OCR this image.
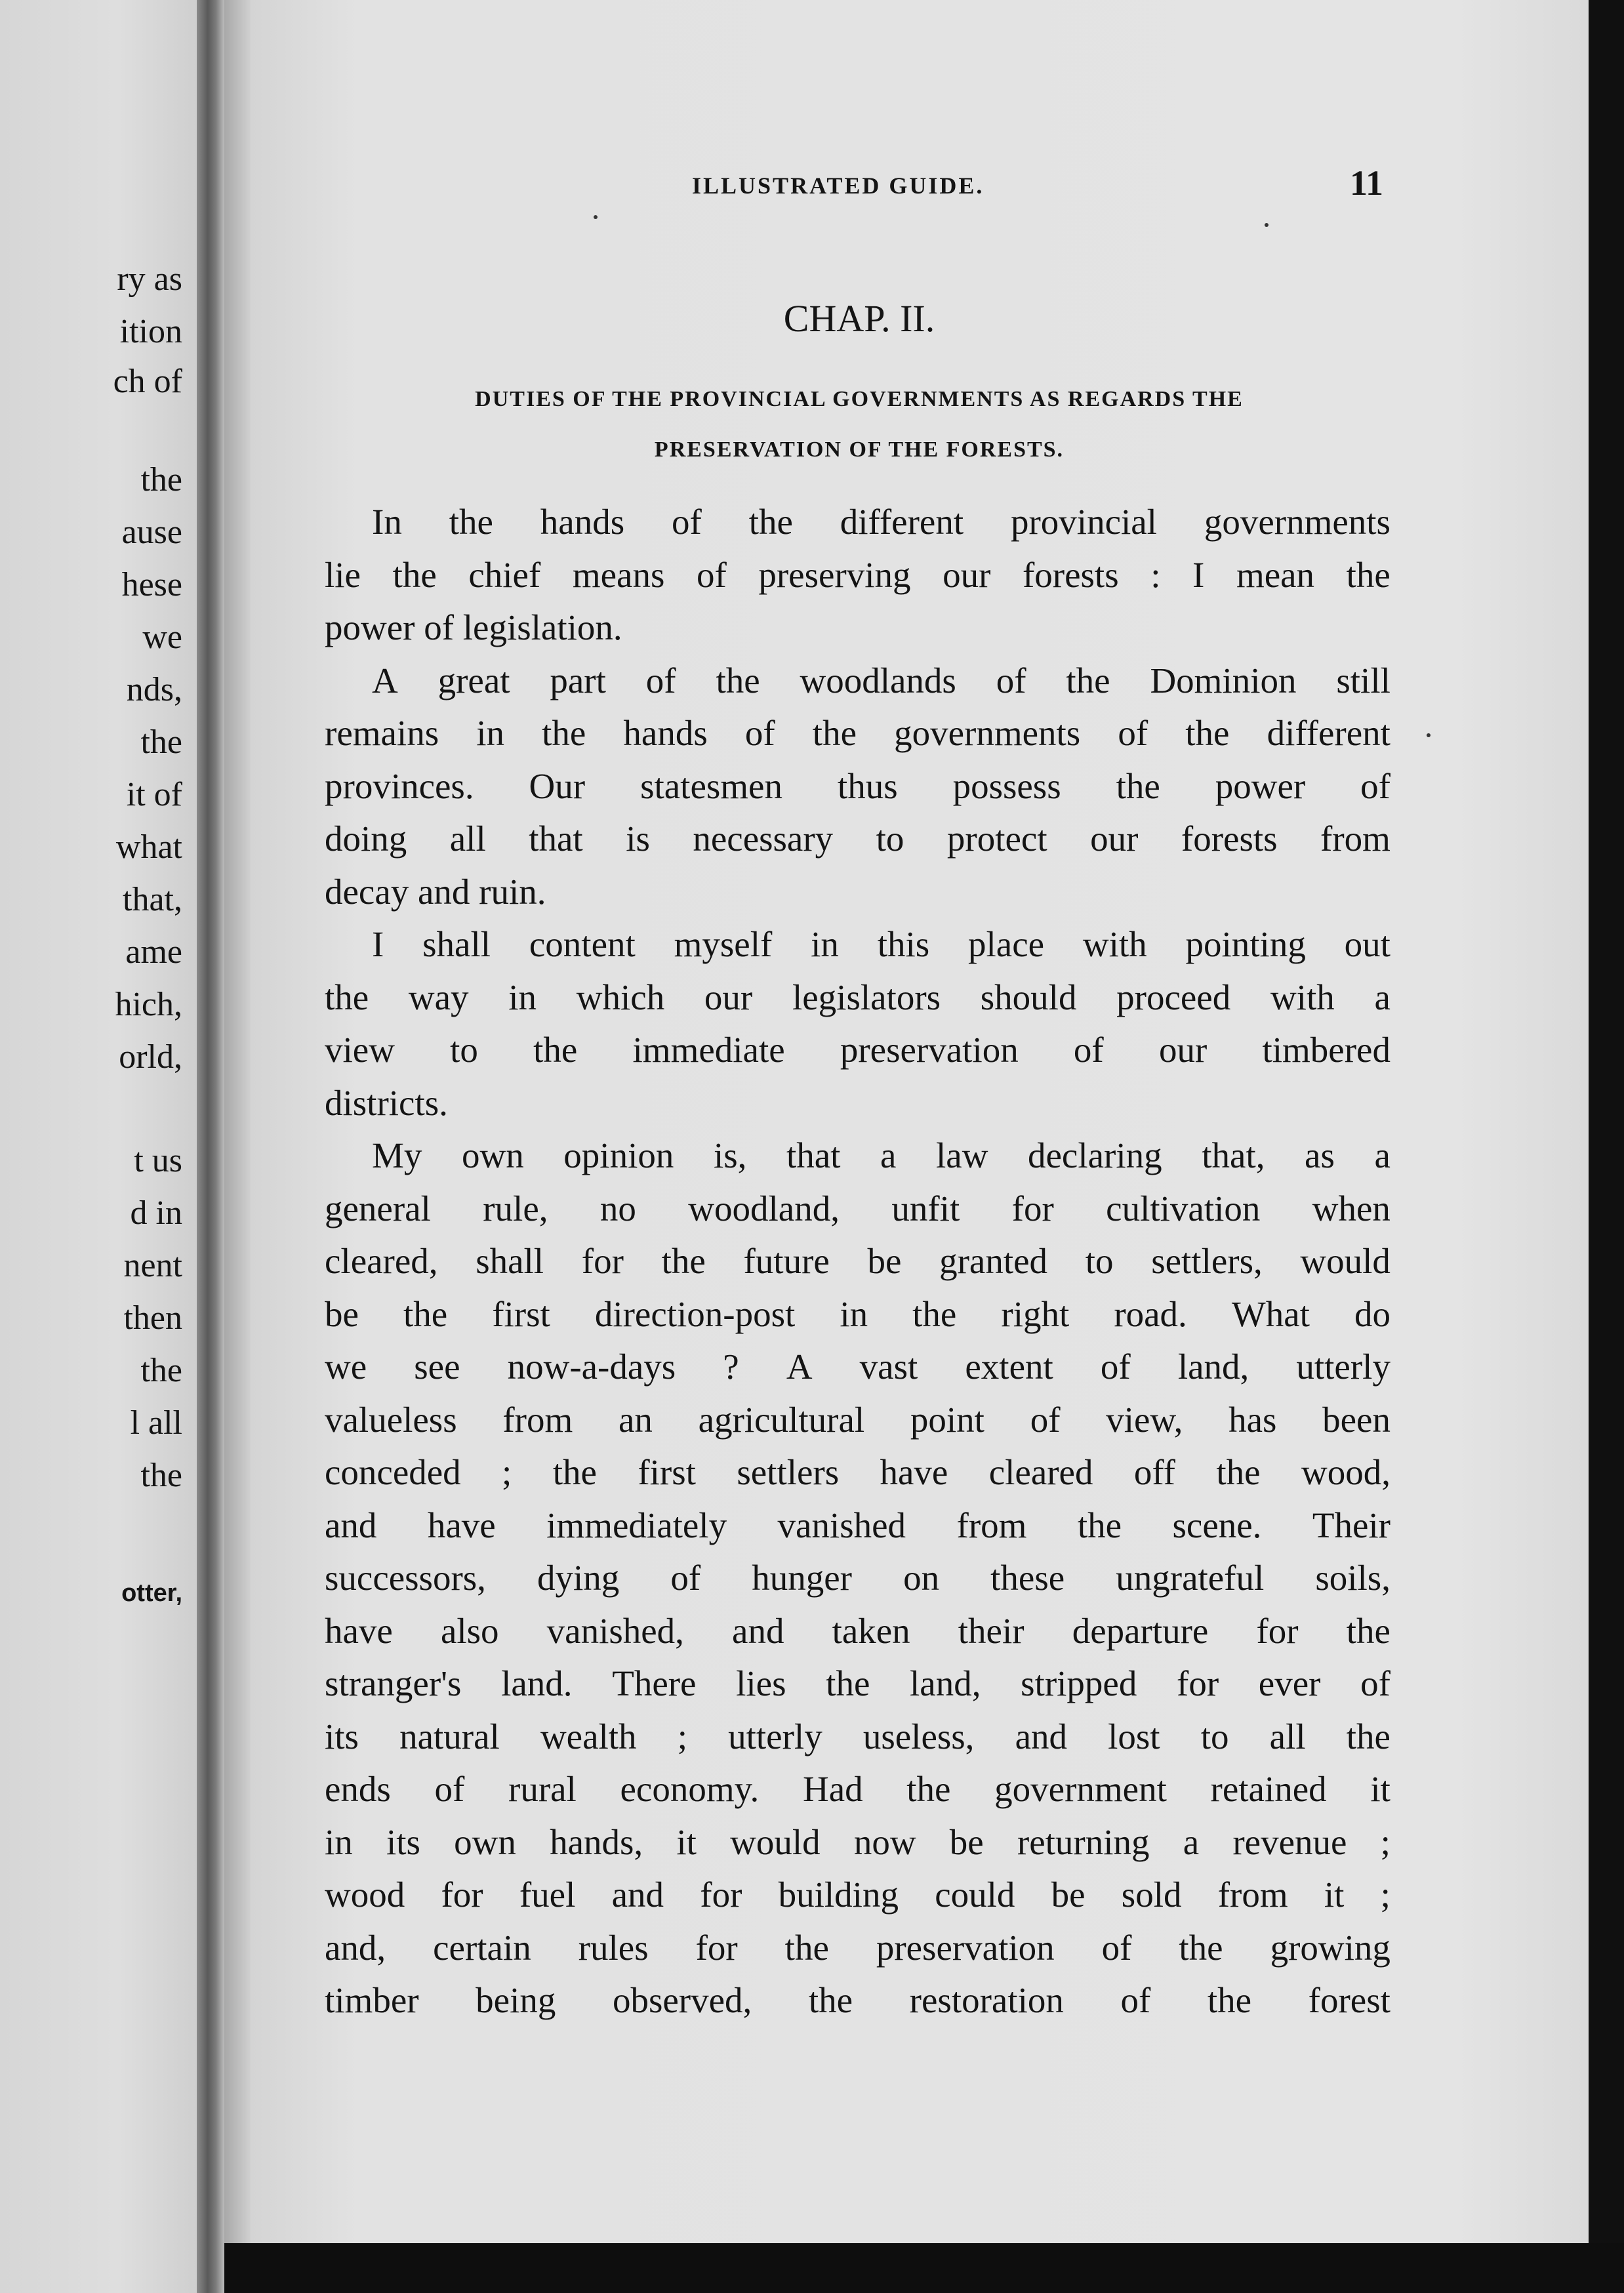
ry as
ition
ch of
the
ause
hese
we
nds,
the
it of
what
that,
ame
hich,
orld,
t us
d in
nent
then
the
l all
the
otter,
ILLUSTRATED GUIDE.	11
CHAP. II.
DUTIES OF THE PROVINCIAL GOVERNMENTS AS REGARDS THE
PRESERVATION OF THE FORESTS.
In the hands of the different provincial governments
lie the chief means of preserving our forests : I mean the
power of legislation.
A great part of the woodlands of the Dominion still
remains in the hands of the governments of the different
provinces. Our statesmen thus possess the power of
doing all that is necessary to protect our forests from
decay and ruin.
I shall content myself in this place with pointing out
the way in which our legislators should proceed with a
view to the immediate preservation of our timbered
districts.
My own opinion is, that a law declaring that, as a
general rule, no woodland, unfit for cultivation when
cleared, shall for the future be granted to settlers, would
be the first direction-post in the right road. What do
we see now-a-days ? A vast extent of land, utterly
valueless from an agricultural point of view, has been
conceded ; the first settlers have cleared off the wood,
and have immediately vanished from the scene. Their
successors, dying of hunger on these ungrateful soils,
have also vanished, and taken their departure for the
stranger's land. There lies the land, stripped for ever of
its natural wealth ; utterly useless, and lost to all the
ends of rural economy. Had the government retained it
in its own hands, it would now be returning a revenue ;
wood for fuel and for building could be sold from it ;
and, certain rules for the preservation of the growing
timber being observed, the restoration of the forest
